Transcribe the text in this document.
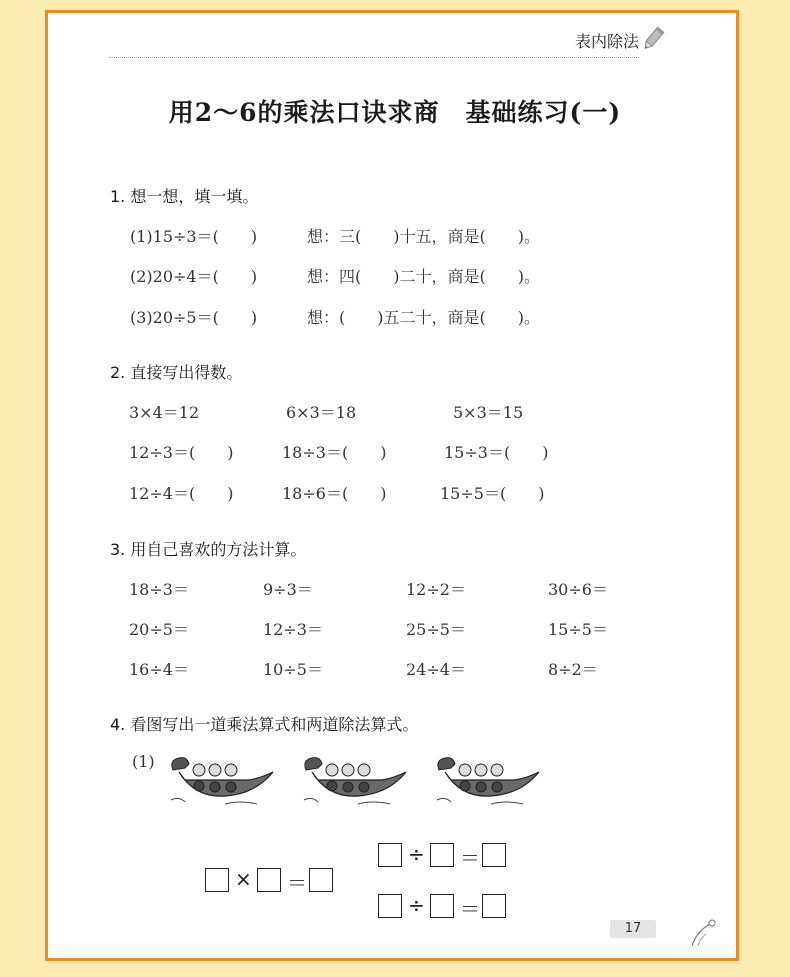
表内除法
用2～6的乘法口诀求商　基础练习(一)
1. 想一想，填一填。
(1)15÷3＝(　　)	想：三(　　)十五，商是(　　)。
(2)20÷4＝(　　)	想：四(　　)二十，商是(　　)。
(3)20÷5＝(　　)	想：(　　)五二十，商是(　　)。
2. 直接写出得数。
3×4＝12	6×3＝18	5×3＝15
12÷3＝(　　)	18÷3＝(　　)	15÷3＝(　　)
12÷4＝(　　)	18÷6＝(　　)	15÷5＝(　　)
3. 用自己喜欢的方法计算。
18÷3＝	9÷3＝	12÷2＝	30÷6＝
20÷5＝	12÷3＝	25÷5＝	15÷5＝
16÷4＝	10÷5＝	24÷4＝	8÷2＝
4. 看图写出一道乘法算式和两道除法算式。
(1)
× ＝
÷ ＝
÷ ＝
17
